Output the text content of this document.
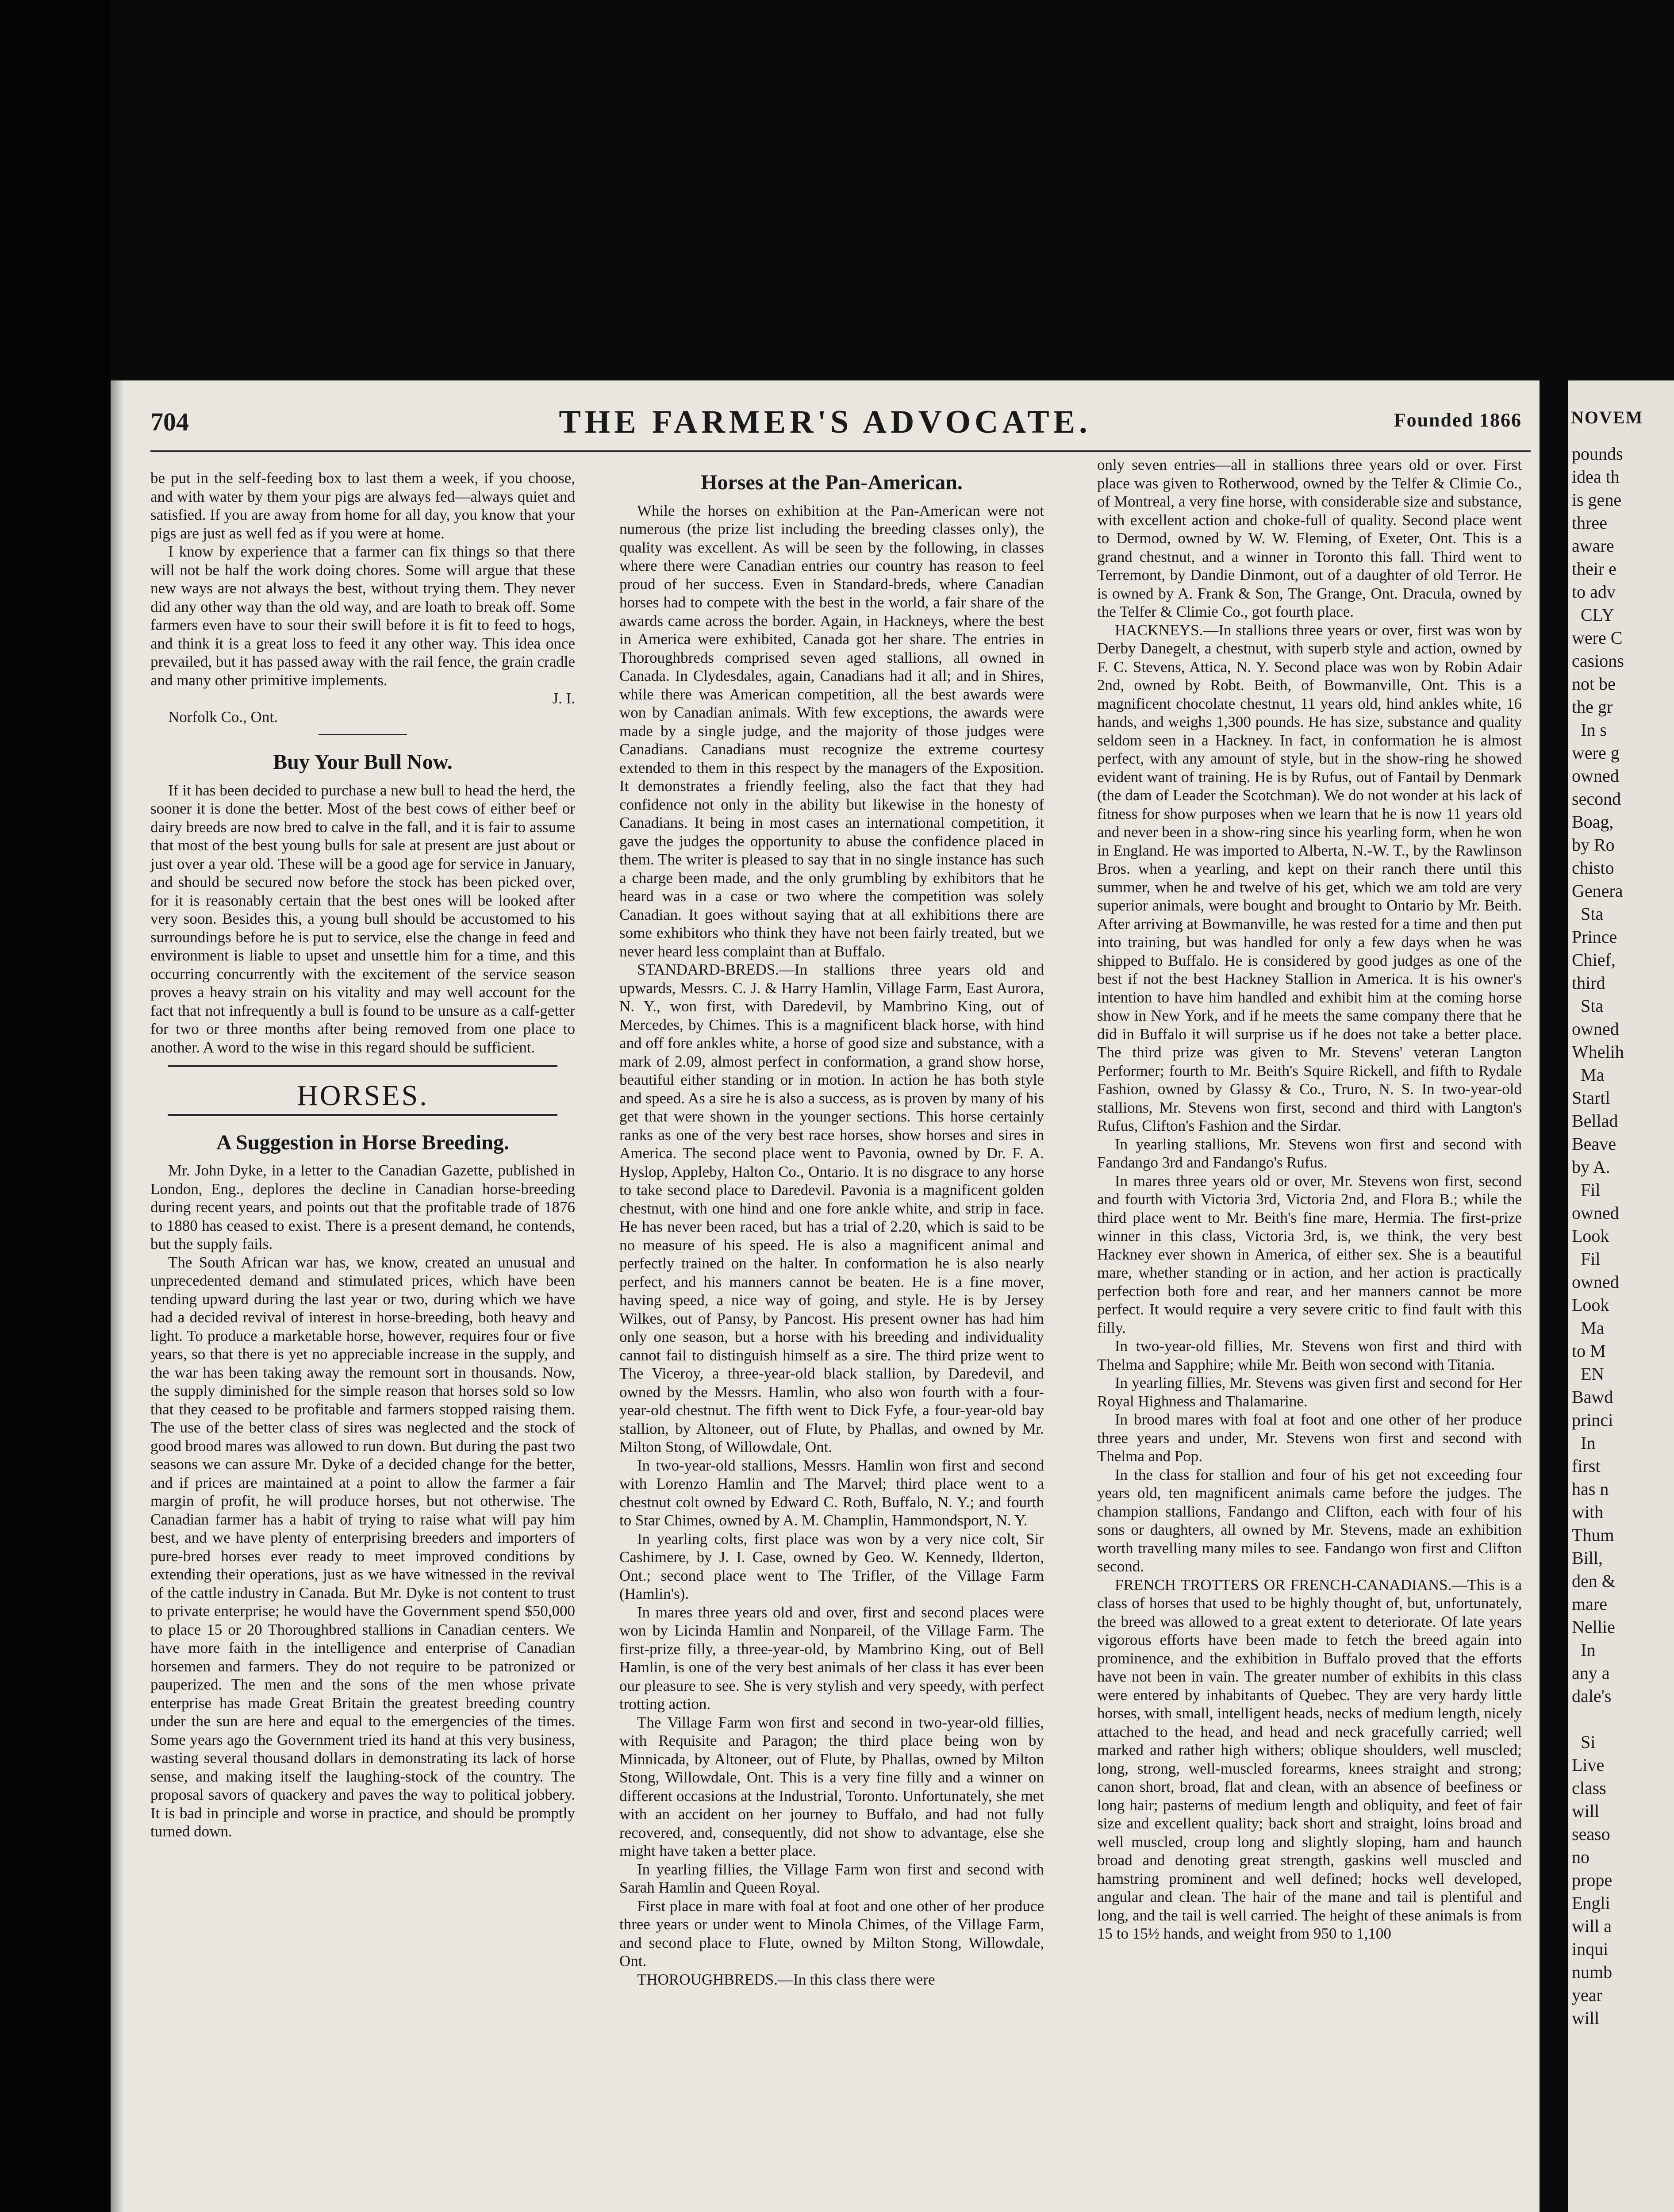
704	THE FARMER'S ADVOCATE.	Founded 1866

be put in the self-feeding box to last them a week, if you choose, and with water by them your pigs are always fed—always quiet and satisfied. If you are away from home for all day, you know that your pigs are just as well fed as if you were at home.

I know by experience that a farmer can fix things so that there will not be half the work doing chores. Some will argue that these new ways are not always the best, without trying them. They never did any other way than the old way, and are loath to break off. Some farmers even have to sour their swill before it is fit to feed to hogs, and think it is a great loss to feed it any other way. This idea once prevailed, but it has passed away with the rail fence, the grain cradle and many other primitive implements.

J. I.

Norfolk Co., Ont.

Buy Your Bull Now.

If it has been decided to purchase a new bull to head the herd, the sooner it is done the better. Most of the best cows of either beef or dairy breeds are now bred to calve in the fall, and it is fair to assume that most of the best young bulls for sale at present are just about or just over a year old. These will be a good age for service in January, and should be secured now before the stock has been picked over, for it is reasonably certain that the best ones will be looked after very soon. Besides this, a young bull should be accustomed to his surroundings before he is put to service, else the change in feed and environment is liable to upset and unsettle him for a time, and this occurring concurrently with the excitement of the service season proves a heavy strain on his vitality and may well account for the fact that not infrequently a bull is found to be unsure as a calf-getter for two or three months after being removed from one place to another. A word to the wise in this regard should be sufficient.

HORSES.
A Suggestion in Horse Breeding.

Mr. John Dyke, in a letter to the Canadian Gazette, published in London, Eng., deplores the decline in Canadian horse-breeding during recent years, and points out that the profitable trade of 1876 to 1880 has ceased to exist. There is a present demand, he contends, but the supply fails.

The South African war has, we know, created an unusual and unprecedented demand and stimulated prices, which have been tending upward during the last year or two, during which we have had a decided revival of interest in horse-breeding, both heavy and light. To produce a marketable horse, however, requires four or five years, so that there is yet no appreciable increase in the supply, and the war has been taking away the remount sort in thousands. Now, the supply diminished for the simple reason that horses sold so low that they ceased to be profitable and farmers stopped raising them. The use of the better class of sires was neglected and the stock of good brood mares was allowed to run down. But during the past two seasons we can assure Mr. Dyke of a decided change for the better, and if prices are maintained at a point to allow the farmer a fair margin of profit, he will produce horses, but not otherwise. The Canadian farmer has a habit of trying to raise what will pay him best, and we have plenty of enterprising breeders and importers of pure-bred horses ever ready to meet improved conditions by extending their operations, just as we have witnessed in the revival of the cattle industry in Canada. But Mr. Dyke is not content to trust to private enterprise; he would have the Government spend $50,000 to place 15 or 20 Thoroughbred stallions in Canadian centers. We have more faith in the intelligence and enterprise of Canadian horsemen and farmers. They do not require to be patronized or pauperized. The men and the sons of the men whose private enterprise has made Great Britain the greatest breeding country under the sun are here and equal to the emergencies of the times. Some years ago the Government tried its hand at this very business, wasting several thousand dollars in demonstrating its lack of horse sense, and making itself the laughing-stock of the country. The proposal savors of quackery and paves the way to political jobbery. It is bad in principle and worse in practice, and should be promptly turned down.

Horses at the Pan-American.

While the horses on exhibition at the Pan-American were not numerous (the prize list including the breeding classes only), the quality was excellent. As will be seen by the following, in classes where there were Canadian entries our country has reason to feel proud of her success. Even in Standard-breds, where Canadian horses had to compete with the best in the world, a fair share of the awards came across the border. Again, in Hackneys, where the best in America were exhibited, Canada got her share. The entries in Thoroughbreds comprised seven aged stallions, all owned in Canada. In Clydesdales, again, Canadians had it all; and in Shires, while there was American competition, all the best awards were won by Canadian animals. With few exceptions, the awards were made by a single judge, and the majority of those judges were Canadians. Canadians must recognize the extreme courtesy extended to them in this respect by the managers of the Exposition. It demonstrates a friendly feeling, also the fact that they had confidence not only in the ability but likewise in the honesty of Canadians. It being in most cases an international competition, it gave the judges the opportunity to abuse the confidence placed in them. The writer is pleased to say that in no single instance has such a charge been made, and the only grumbling by exhibitors that he heard was in a case or two where the competition was solely Canadian. It goes without saying that at all exhibitions there are some exhibitors who think they have not been fairly treated, but we never heard less complaint than at Buffalo.

STANDARD-BREDS.—In stallions three years old and upwards, Messrs. C. J. & Harry Hamlin, Village Farm, East Aurora, N. Y., won first, with Daredevil, by Mambrino King, out of Mercedes, by Chimes. This is a magnificent black horse, with hind and off fore ankles white, a horse of good size and substance, with a mark of 2.09, almost perfect in conformation, a grand show horse, beautiful either standing or in motion. In action he has both style and speed. As a sire he is also a success, as is proven by many of his get that were shown in the younger sections. This horse certainly ranks as one of the very best race horses, show horses and sires in America. The second place went to Pavonia, owned by Dr. F. A. Hyslop, Appleby, Halton Co., Ontario. It is no disgrace to any horse to take second place to Daredevil. Pavonia is a magnificent golden chestnut, with one hind and one fore ankle white, and strip in face. He has never been raced, but has a trial of 2.20, which is said to be no measure of his speed. He is also a magnificent animal and perfectly trained on the halter. In conformation he is also nearly perfect, and his manners cannot be beaten. He is a fine mover, having speed, a nice way of going, and style. He is by Jersey Wilkes, out of Pansy, by Pancost. His present owner has had him only one season, but a horse with his breeding and individuality cannot fail to distinguish himself as a sire. The third prize went to The Viceroy, a three-year-old black stallion, by Daredevil, and owned by the Messrs. Hamlin, who also won fourth with a four-year-old chestnut. The fifth went to Dick Fyfe, a four-year-old bay stallion, by Altoneer, out of Flute, by Phallas, and owned by Mr. Milton Stong, of Willowdale, Ont.

In two-year-old stallions, Messrs. Hamlin won first and second with Lorenzo Hamlin and The Marvel; third place went to a chestnut colt owned by Edward C. Roth, Buffalo, N. Y.; and fourth to Star Chimes, owned by A. M. Champlin, Hammondsport, N. Y.

In yearling colts, first place was won by a very nice colt, Sir Cashimere, by J. I. Case, owned by Geo. W. Kennedy, Ilderton, Ont.; second place went to The Trifler, of the Village Farm (Hamlin's).

In mares three years old and over, first and second places were won by Licinda Hamlin and Nonpareil, of the Village Farm. The first-prize filly, a three-year-old, by Mambrino King, out of Bell Hamlin, is one of the very best animals of her class it has ever been our pleasure to see. She is very stylish and very speedy, with perfect trotting action.

The Village Farm won first and second in two-year-old fillies, with Requisite and Paragon; the third place being won by Minnicada, by Altoneer, out of Flute, by Phallas, owned by Milton Stong, Willowdale, Ont. This is a very fine filly and a winner on different occasions at the Industrial, Toronto. Unfortunately, she met with an accident on her journey to Buffalo, and had not fully recovered, and, consequently, did not show to advantage, else she might have taken a better place.

In yearling fillies, the Village Farm won first and second with Sarah Hamlin and Queen Royal.

First place in mare with foal at foot and one other of her produce three years or under went to Minola Chimes, of the Village Farm, and second place to Flute, owned by Milton Stong, Willowdale, Ont.

THOROUGHBREDS.—In this class there were

only seven entries—all in stallions three years old or over. First place was given to Rotherwood, owned by the Telfer & Climie Co., of Montreal, a very fine horse, with considerable size and substance, with excellent action and choke-full of quality. Second place went to Dermod, owned by W. W. Fleming, of Exeter, Ont. This is a grand chestnut, and a winner in Toronto this fall. Third went to Terremont, by Dandie Dinmont, out of a daughter of old Terror. He is owned by A. Frank & Son, The Grange, Ont. Dracula, owned by the Telfer & Climie Co., got fourth place.

HACKNEYS.—In stallions three years or over, first was won by Derby Danegelt, a chestnut, with superb style and action, owned by F. C. Stevens, Attica, N. Y. Second place was won by Robin Adair 2nd, owned by Robt. Beith, of Bowmanville, Ont. This is a magnificent chocolate chestnut, 11 years old, hind ankles white, 16 hands, and weighs 1,300 pounds. He has size, substance and quality seldom seen in a Hackney. In fact, in conformation he is almost perfect, with any amount of style, but in the show-ring he showed evident want of training. He is by Rufus, out of Fantail by Denmark (the dam of Leader the Scotchman). We do not wonder at his lack of fitness for show purposes when we learn that he is now 11 years old and never been in a show-ring since his yearling form, when he won in England. He was imported to Alberta, N.-W. T., by the Rawlinson Bros. when a yearling, and kept on their ranch there until this summer, when he and twelve of his get, which we am told are very superior animals, were bought and brought to Ontario by Mr. Beith. After arriving at Bowmanville, he was rested for a time and then put into training, but was handled for only a few days when he was shipped to Buffalo. He is considered by good judges as one of the best if not the best Hackney Stallion in America. It is his owner's intention to have him handled and exhibit him at the coming horse show in New York, and if he meets the same company there that he did in Buffalo it will surprise us if he does not take a better place. The third prize was given to Mr. Stevens' veteran Langton Performer; fourth to Mr. Beith's Squire Rickell, and fifth to Rydale Fashion, owned by Glassy & Co., Truro, N. S. In two-year-old stallions, Mr. Stevens won first, second and third with Langton's Rufus, Clifton's Fashion and the Sirdar.

In yearling stallions, Mr. Stevens won first and second with Fandango 3rd and Fandango's Rufus.

In mares three years old or over, Mr. Stevens won first, second and fourth with Victoria 3rd, Victoria 2nd, and Flora B.; while the third place went to Mr. Beith's fine mare, Hermia. The first-prize winner in this class, Victoria 3rd, is, we think, the very best Hackney ever shown in America, of either sex. She is a beautiful mare, whether standing or in action, and her action is practically perfection both fore and rear, and her manners cannot be more perfect. It would require a very severe critic to find fault with this filly.

In two-year-old fillies, Mr. Stevens won first and third with Thelma and Sapphire; while Mr. Beith won second with Titania.

In yearling fillies, Mr. Stevens was given first and second for Her Royal Highness and Thalamarine.

In brood mares with foal at foot and one other of her produce three years and under, Mr. Stevens won first and second with Thelma and Pop.

In the class for stallion and four of his get not exceeding four years old, ten magnificent animals came before the judges. The champion stallions, Fandango and Clifton, each with four of his sons or daughters, all owned by Mr. Stevens, made an exhibition worth travelling many miles to see. Fandango won first and Clifton second.

FRENCH TROTTERS OR FRENCH-CANADIANS.—This is a class of horses that used to be highly thought of, but, unfortunately, the breed was allowed to a great extent to deteriorate. Of late years vigorous efforts have been made to fetch the breed again into prominence, and the exhibition in Buffalo proved that the efforts have not been in vain. The greater number of exhibits in this class were entered by inhabitants of Quebec. They are very hardy little horses, with small, intelligent heads, necks of medium length, nicely attached to the head, and head and neck gracefully carried; well marked and rather high withers; oblique shoulders, well muscled; long, strong, well-muscled forearms, knees straight and strong; canon short, broad, flat and clean, with an absence of beefiness or long hair; pasterns of medium length and obliquity, and feet of fair size and excellent quality; back short and straight, loins broad and well muscled, croup long and slightly sloping, ham and haunch broad and denoting great strength, gaskins well muscled and hamstring prominent and well defined; hocks well developed, angular and clean. The hair of the mane and tail is plentiful and long, and the tail is well carried. The height of these animals is from 15 to 15½ hands, and weight from 950 to 1,100

NOVEM
pounds
idea th
is gene
three
aware
their e
to adv
CLY
were C
casions
not be
the gr
In s
were g
owned
second
Boag,
by Ro
chisto
Genera
Sta
Prince
Chief,
third
Sta
owned
Whelih
Ma
Startl
Bellad
Beave
by A.
Fil
owned
Look
Fil
owned
Look
Ma
to M
EN
Bawd
princi
In
first
has n
with
Thum
Bill,
den &
mare
Nellie
In
any a
dale's

Si
Live
class
will
seaso
no
prope
Engli
will a
inqui
numb
year
will
